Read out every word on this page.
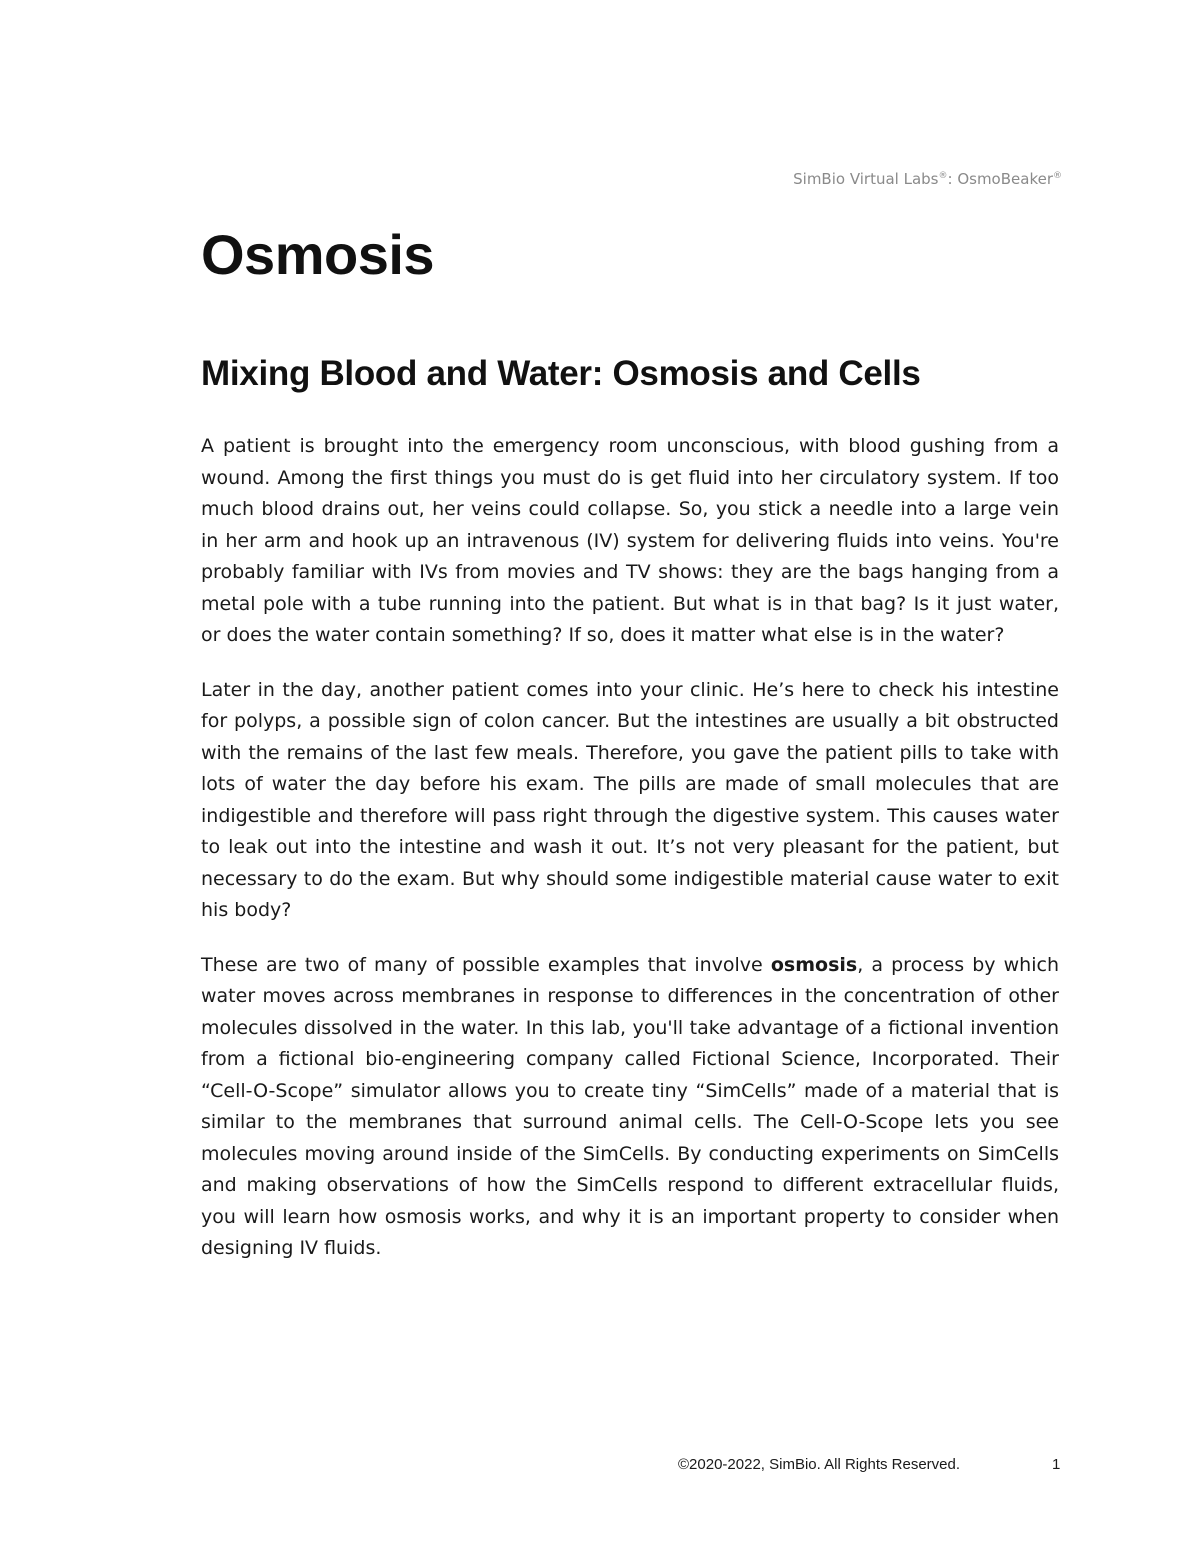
SimBio Virtual Labs®: OsmoBeaker®
Osmosis
Mixing Blood and Water: Osmosis and Cells

A patient is brought into the emergency room unconscious, with blood gushing from a wound. Among the first things you must do is get fluid into her circulatory system. If too much blood drains out, her veins could collapse. So, you stick a needle into a large vein in her arm and hook up an intravenous (IV) system for delivering fluids into veins. You're probably familiar with IVs from movies and TV shows: they are the bags hanging from a metal pole with a tube running into the patient. But what is in that bag? Is it just water, or does the water contain something? If so, does it matter what else is in the water?

Later in the day, another patient comes into your clinic. He’s here to check his intestine for polyps, a possible sign of colon cancer. But the intestines are usually a bit obstructed with the remains of the last few meals. Therefore, you gave the patient pills to take with lots of water the day before his exam. The pills are made of small molecules that are indigestible and therefore will pass right through the digestive system. This causes water to leak out into the intestine and wash it out. It’s not very pleasant for the patient, but necessary to do the exam. But why should some indigestible material cause water to exit his body?

These are two of many of possible examples that involve osmosis, a process by which water moves across membranes in response to differences in the concentration of other molecules dissolved in the water. In this lab, you'll take advantage of a fictional invention from a fictional bio-engineering company called Fictional Science, Incorporated. Their “Cell-O-Scope” simulator allows you to create tiny “SimCells” made of a material that is similar to the membranes that surround animal cells. The Cell-O-Scope lets you see molecules moving around inside of the SimCells. By conducting experiments on SimCells and making observations of how the SimCells respond to different extracellular fluids, you will learn how osmosis works, and why it is an important property to consider when designing IV fluids.

©2020-2022, SimBio. All Rights Reserved.	1
